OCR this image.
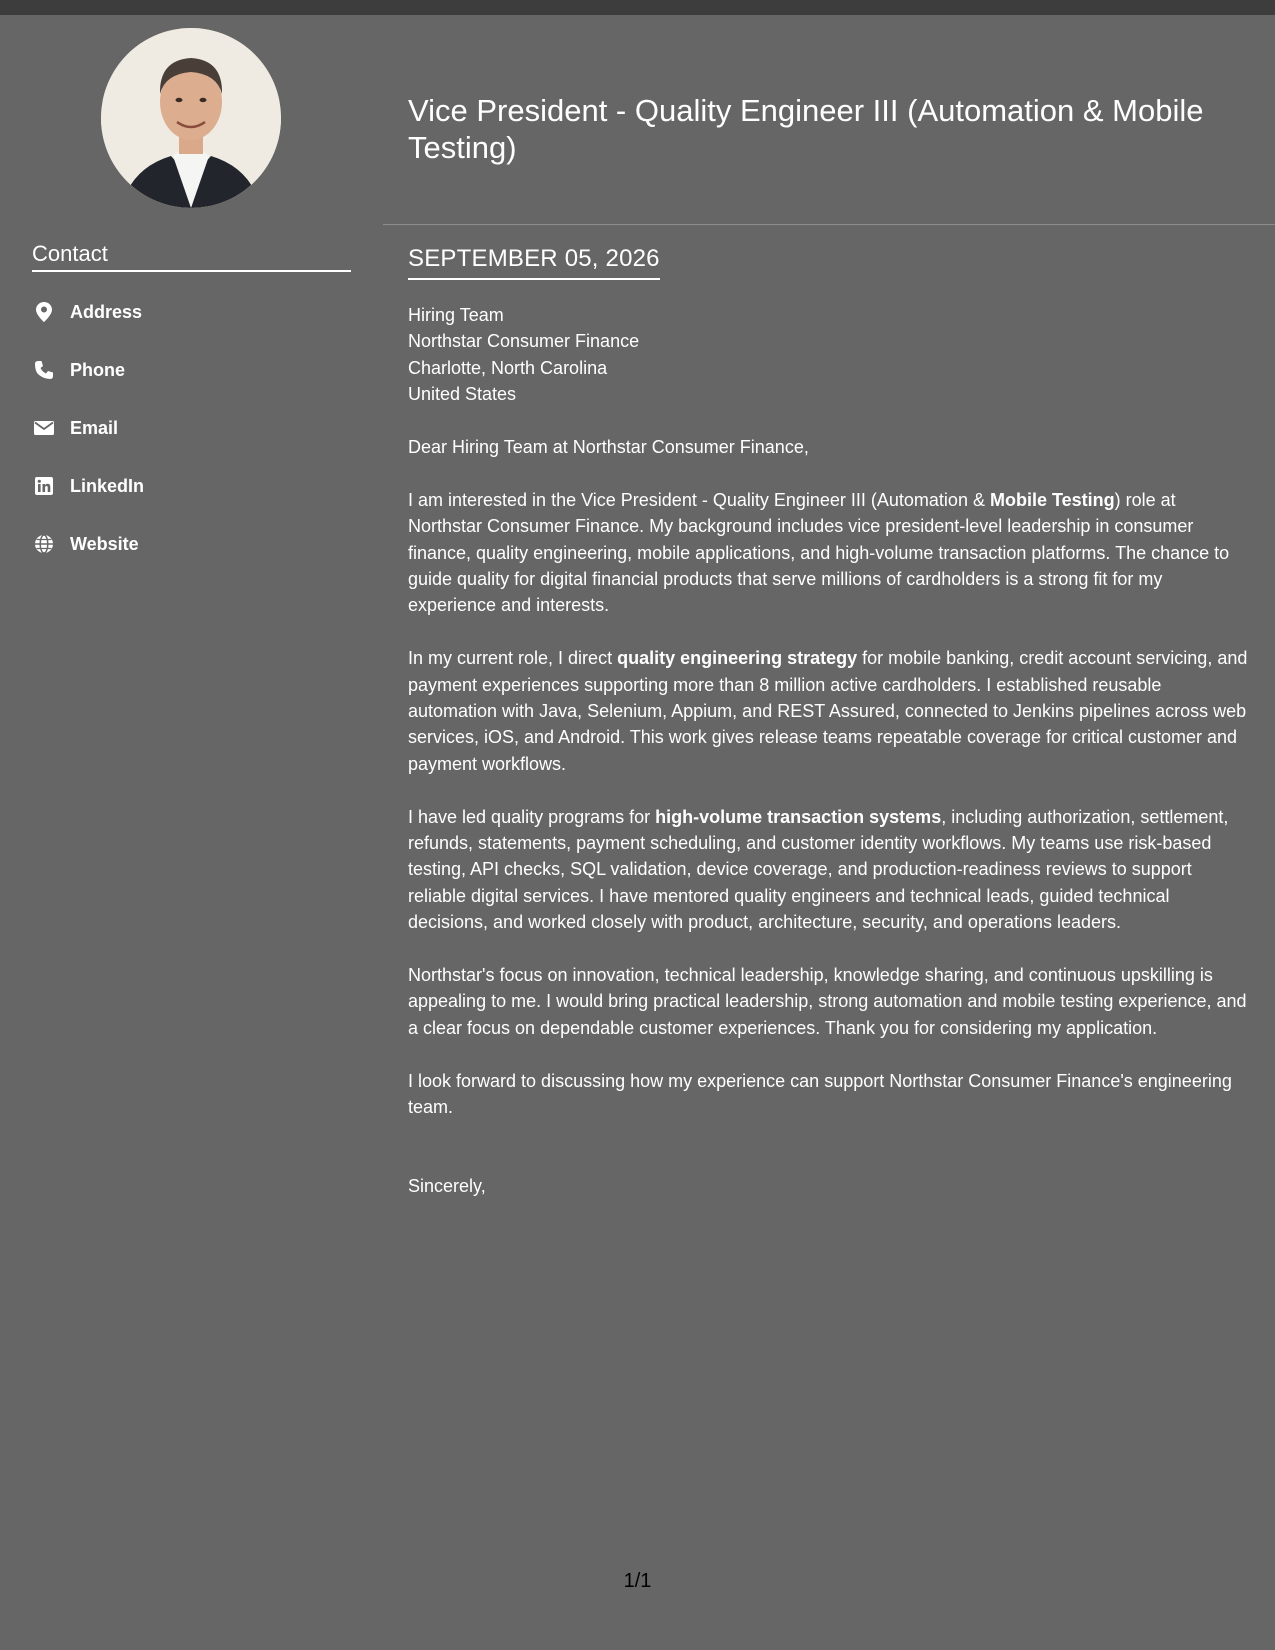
Contact
Address
Phone
Email
LinkedIn
Website
Vice President - Quality Engineer III (Automation & Mobile Testing)
SEPTEMBER 05, 2026

Hiring Team
Northstar Consumer Finance
Charlotte, North Carolina
United States

Dear Hiring Team at Northstar Consumer Finance,

I am interested in the Vice President - Quality Engineer III (Automation & Mobile Testing) role at Northstar Consumer Finance. My background includes vice president-level leadership in consumer finance, quality engineering, mobile applications, and high-volume transaction platforms. The chance to guide quality for digital financial products that serve millions of cardholders is a strong fit for my experience and interests.

In my current role, I direct quality engineering strategy for mobile banking, credit account servicing, and payment experiences supporting more than 8 million active cardholders. I established reusable automation with Java, Selenium, Appium, and REST Assured, connected to Jenkins pipelines across web services, iOS, and Android. This work gives release teams repeatable coverage for critical customer and payment workflows.

I have led quality programs for high-volume transaction systems, including authorization, settlement, refunds, statements, payment scheduling, and customer identity workflows. My teams use risk-based testing, API checks, SQL validation, device coverage, and production-readiness reviews to support reliable digital services. I have mentored quality engineers and technical leads, guided technical decisions, and worked closely with product, architecture, security, and operations leaders.

Northstar's focus on innovation, technical leadership, knowledge sharing, and continuous upskilling is appealing to me. I would bring practical leadership, strong automation and mobile testing experience, and a clear focus on dependable customer experiences. Thank you for considering my application.

I look forward to discussing how my experience can support Northstar Consumer Finance's engineering team.

Sincerely,

1/1
